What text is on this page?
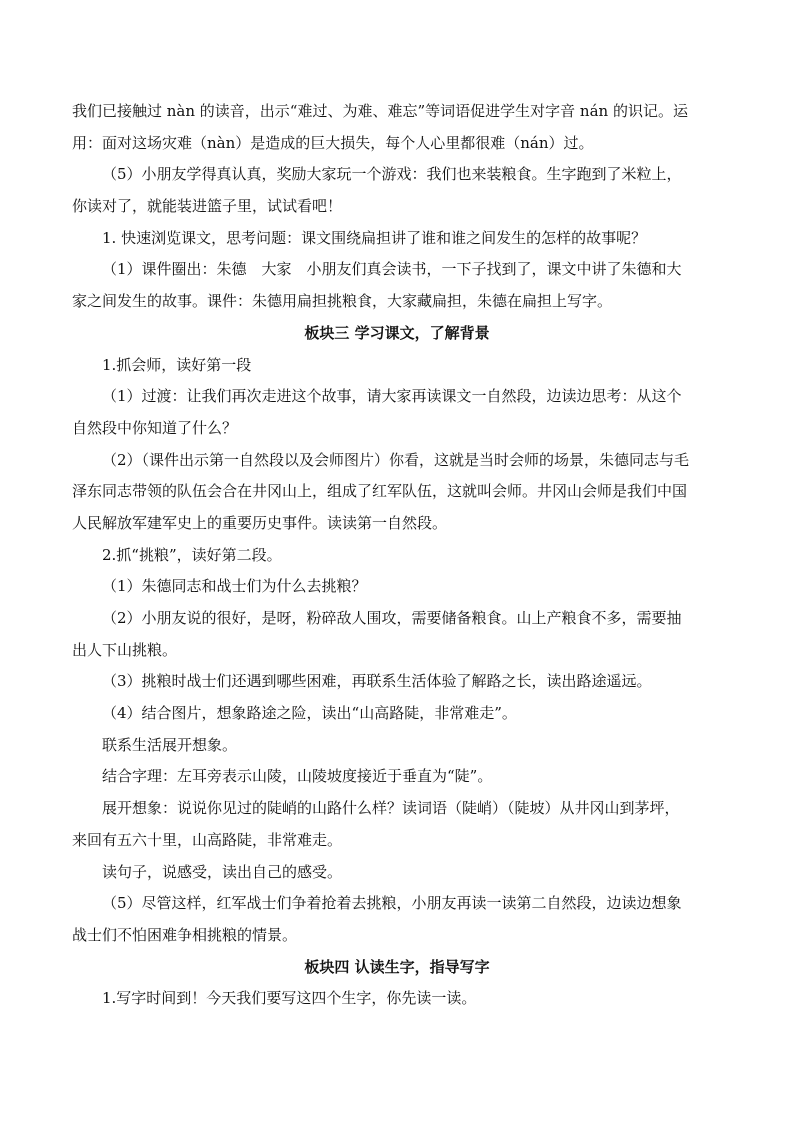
我们已接触过 nàn 的读音，出示“难过、为难、难忘”等词语促进学生对字音 nán 的识记。运
用：面对这场灾难（nàn）是造成的巨大损失，每个人心里都很难（nán）过。
（5）小朋友学得真认真，奖励大家玩一个游戏：我们也来装粮食。生字跑到了米粒上，
你读对了，就能装进篮子里，试试看吧！
1. 快速浏览课文，思考问题：课文围绕扁担讲了谁和谁之间发生的怎样的故事呢？
（1）课件圈出：朱德　大家　小朋友们真会读书，一下子找到了，课文中讲了朱德和大
家之间发生的故事。课件：朱德用扁担挑粮食，大家藏扁担，朱德在扁担上写字。
板块三 学习课文，了解背景
1.抓会师，读好第一段
（1）过渡：让我们再次走进这个故事，请大家再读课文一自然段，边读边思考：从这个
自然段中你知道了什么？
（2）（课件出示第一自然段以及会师图片）你看，这就是当时会师的场景，朱德同志与毛
泽东同志带领的队伍会合在井冈山上，组成了红军队伍，这就叫会师。井冈山会师是我们中国
人民解放军建军史上的重要历史事件。读读第一自然段。
2.抓“挑粮”，读好第二段。
（1）朱德同志和战士们为什么去挑粮？
（2）小朋友说的很好，是呀，粉碎敌人围攻，需要储备粮食。山上产粮食不多，需要抽
出人下山挑粮。
（3）挑粮时战士们还遇到哪些困难，再联系生活体验了解路之长，读出路途遥远。
（4）结合图片，想象路途之险，读出“山高路陡，非常难走”。
联系生活展开想象。
结合字理：左耳旁表示山陵，山陵坡度接近于垂直为“陡”。
展开想象：说说你见过的陡峭的山路什么样？读词语（陡峭）（陡坡）从井冈山到茅坪，
来回有五六十里，山高路陡，非常难走。
读句子，说感受，读出自己的感受。
（5）尽管这样，红军战士们争着抢着去挑粮，小朋友再读一读第二自然段，边读边想象
战士们不怕困难争相挑粮的情景。
板块四 认读生字，指导写字
1.写字时间到！今天我们要写这四个生字，你先读一读。
